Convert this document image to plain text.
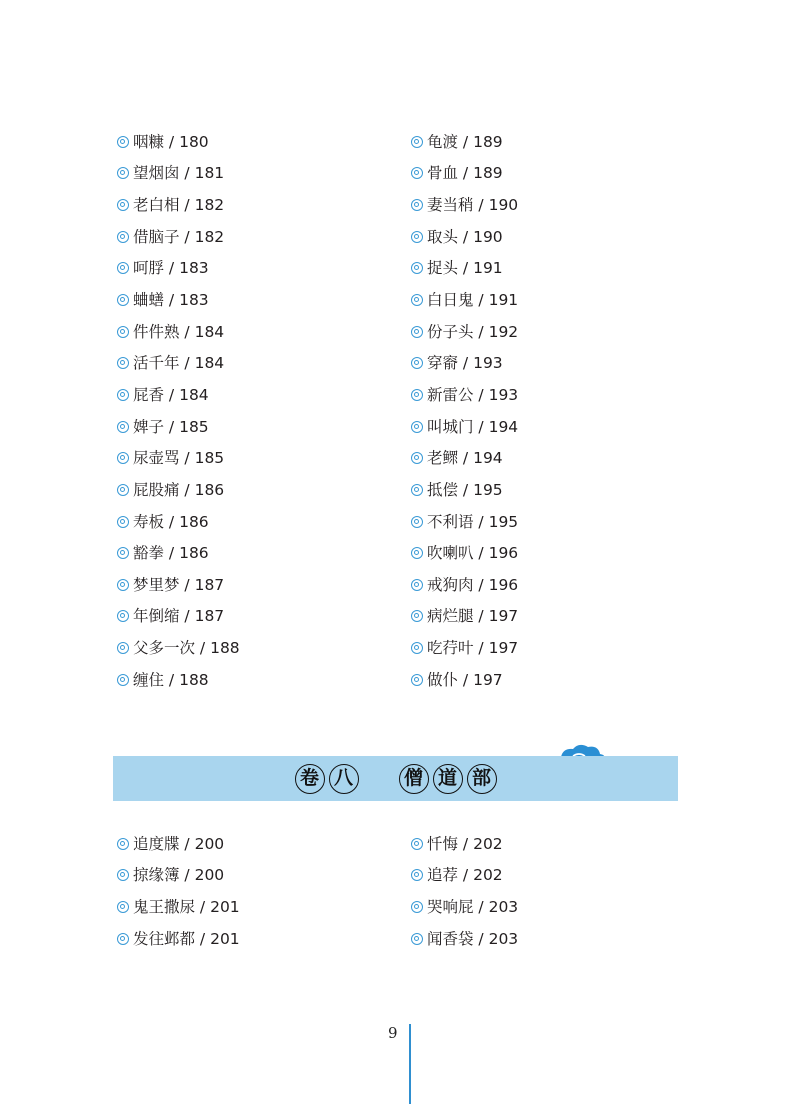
咽糠 / 180
望烟囱 / 181
老白相 / 182
借脑子 / 182
呵脬 / 183
蛐蟮 / 183
件件熟 / 184
活千年 / 184
屁香 / 184
婢子 / 185
尿壶骂 / 185
屁股痛 / 186
寿板 / 186
豁拳 / 186
梦里梦 / 187
年倒缩 / 187
父多一次 / 188
缠住 / 188
龟渡 / 189
骨血 / 189
妻当稍 / 190
取头 / 190
捉头 / 191
白日鬼 / 191
份子头 / 192
穿窬 / 193
新雷公 / 193
叫城门 / 194
老鳏 / 194
抵偿 / 195
不利语 / 195
吹喇叭 / 196
戒狗肉 / 196
病烂腿 / 197
吃荇叶 / 197
做仆 / 197
卷 八	僧 道 部
追度牒 / 200
掠缘簿 / 200
鬼王撒尿 / 201
发往邺都 / 201
忏悔 / 202
追荐 / 202
哭响屁 / 203
闻香袋 / 203
9
